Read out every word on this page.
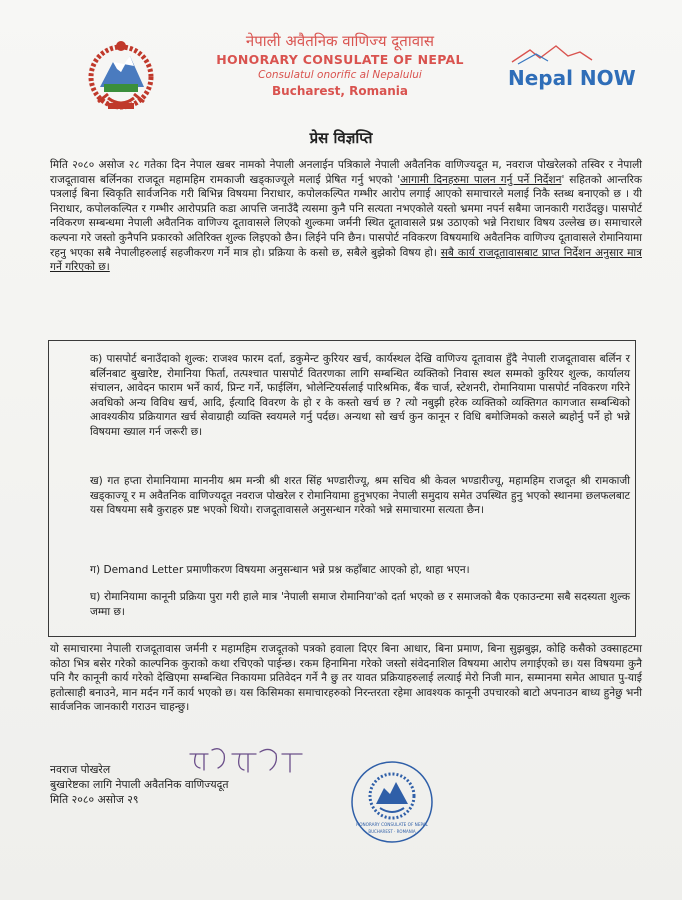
नेपाली अवैतनिक वाणिज्य दूतावास
HONORARY CONSULATE OF NEPAL
Consulatul onorific al Nepalului
Bucharest, Romania
Nepal NOW
प्रेस विज्ञप्ति
मिति २०८० असोज २८ गतेका दिन नेपाल खबर नामको नेपाली अनलाईन पत्रिकाले नेपाली अवैतनिक वाणिज्यदूत म, नवराज पोखरेलको तस्विर र नेपाली राजदूतावास बर्लिनका राजदूत महामहिम रामकाजी खड्काज्यूले मलाई प्रेषित गर्नु भएको 'आगामी दिनहरुमा पालन गर्नु पर्ने निर्देशन' सहितको आन्तरिक पत्रलाई बिना स्विकृति सार्वजनिक गरी बिभिन्न विषयमा निराधार, कपोलकल्पित गम्भीर आरोप लगाई आएको समाचारले मलाई निकै स्तब्ध बनाएको छ । यी निराधार, कपोलकल्पित र गम्भीर आरोपप्रति कडा आपत्ति जनाउँदै त्यसमा कुनै पनि सत्यता नभएकोले यस्तो भ्रममा नपर्न सबैमा जानकारी गराउँदछु। पासपोर्ट नविकरण सम्बन्धमा नेपाली अवैतनिक वाणिज्य दूतावासले लिएको शुल्कमा जर्मनी स्थित दूतावासले प्रश्न उठाएको भन्ने निराधार विषय उल्लेख छ। समाचारले कल्पना गरे जस्तो कुनैपनि प्रकारको अतिरिक्त शुल्क लिइएको छैन। लिईने पनि छैन। पासपोर्ट नविकरण विषयमाथि अवैतनिक वाणिज्य दूतावासले रोमानियामा रहनु भएका सबै नेपालीहरुलाई सहजीकरण गर्ने मात्र हो। प्रक्रिया के कसो छ, सबैले बुझेको विषय हो। सबै कार्य राजदूतावासबाट प्राप्त निर्देशन अनुसार मात्र गर्ने गरिएको छ।
क) पासपोर्ट बनाउँदाको शुल्क: राजश्व फारम दर्ता, डकुमेन्ट कुरियर खर्च, कार्यस्थल देखि वाणिज्य दूतावास हुँदै नेपाली राजदूतावास बर्लिन र बर्लिनबाट बुखारेष्ट, रोमानिया फिर्ता, तत्पश्चात पासपोर्ट वितरणका लागि सम्बन्धित व्यक्तिको निवास स्थल सम्मको कुरियर शुल्क, कार्यालय संचालन, आवेदन फाराम भर्ने कार्य, प्रिन्ट गर्ने, फाईलिंग, भोलेन्टियर्सलाई पारिश्रमिक, बैंक चार्ज, स्टेशनरी, रोमानियामा पासपोर्ट नविकरण गरिने अवधिको अन्य विविध खर्च, आदि, ईत्यादि विवरण के हो र के कस्तो खर्च छ ? त्यो नबुझी हरेक व्यक्तिको व्यक्तिगत कागजात सम्बन्धिको आवश्यकीय प्रक्रियागत खर्च सेवाग्राही व्यक्ति स्वयमले गर्नु पर्दछ। अन्यथा सो खर्च कुन कानून र विधि बमोजिमको कसले ब्यहोर्नु पर्ने हो भन्ने विषयमा ख्याल गर्न जरूरी छ।
ख) गत हप्ता रोमानियामा माननीय श्रम मन्त्री श्री शरत सिंह भण्डारीज्यू, श्रम सचिव श्री केवल भण्डारीज्यू, महामहिम राजदूत श्री रामकाजी खड्काज्यू र म अवैतनिक वाणिज्यदूत नवराज पोखरेल र रोमानियामा हुनुभएका नेपाली समुदाय समेत उपस्थित हुनु भएको स्थानमा छलफलबाट यस विषयमा सबै कुराहरु प्रष्ट भएको थियो। राजदूतावासले अनुसन्धान गरेको भन्ने समाचारमा सत्यता छैन।
ग) Demand Letter प्रमाणीकरण विषयमा अनुसन्धान भन्ने प्रश्न कहाँबाट आएको हो, थाहा भएन।
घ) रोमानियामा कानूनी प्रक्रिया पुरा गरी हाले मात्र 'नेपाली समाज रोमानिया'को दर्ता भएको छ र समाजको बैक एकाउन्टमा सबै सदस्यता शुल्क जम्मा छ।
यो समाचारमा नेपाली राजदूतावास जर्मनी र महामहिम राजदूतको पत्रको हवाला दिएर बिना आधार, बिना प्रमाण, बिना सुझबुझ, कोहि कसैको उक्साहटमा कोठा भित्र बसेर गरेको काल्पनिक कुराको कथा रचिएको पाईन्छ। रकम हिनामिना गरेको जस्तो संवेदनाशिल विषयमा आरोप लगाईएको छ। यस विषयमा कुनै पनि गैर कानूनी कार्य गरेको देखिएमा सम्बन्धित निकायमा प्रतिवेदन गर्ने नै छु तर यावत प्रक्रियाहरुलाई लत्याई मेरो निजी मान, सम्मानमा समेत आघात पु-याई हतोत्साही बनाउने, मान मर्दन गर्ने कार्य भएको छ। यस किसिमका समाचारहरुको निरन्तरता रहेमा आवश्यक कानूनी उपचारको बाटो अपनाउन बाध्य हुनेछु भनी सार्वजनिक जानकारी गराउन चाहन्छु।
नवराज पोखरेल
बुखारेष्टका लागि नेपाली अवैतनिक वाणिज्यदूत
मिति २०८० असोज २९
HONORARY CONSULATE OF NEPAL
BUCHAREST · ROMANIA
